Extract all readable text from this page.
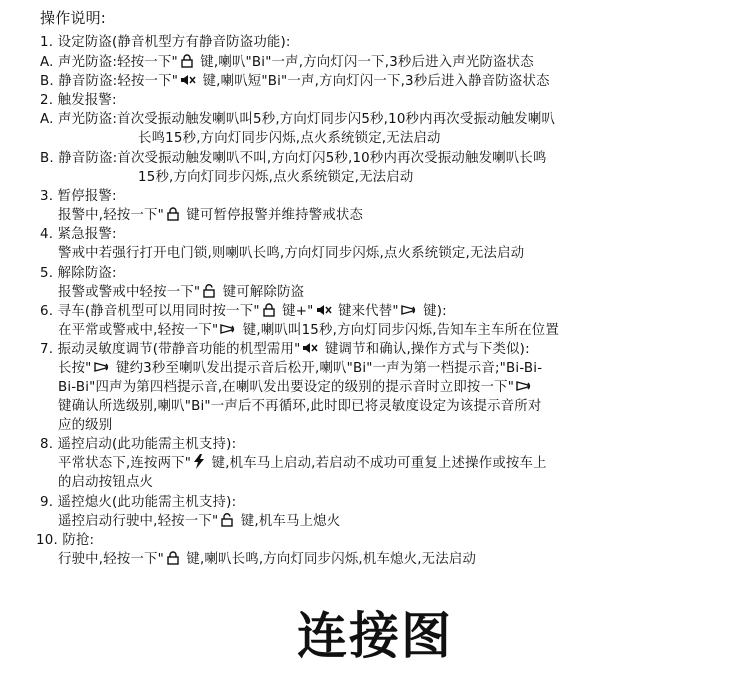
操作说明:
1. 设定防盗(静音机型方有静音防盗功能):
A. 声光防盗:轻按一下"
键,喇叭"Bi"一声,方向灯闪一下,3秒后进入声光防盗状态
B. 静音防盗:轻按一下"
键,喇叭短"Bi"一声,方向灯闪一下,3秒后进入静音防盗状态
2. 触发报警:
A. 声光防盗:首次受振动触发喇叭叫5秒,方向灯同步闪5秒,10秒内再次受振动触发喇叭
长鸣15秒,方向灯同步闪烁,点火系统锁定,无法启动
B. 静音防盗:首次受振动触发喇叭不叫,方向灯闪5秒,10秒内再次受振动触发喇叭长鸣
15秒,方向灯同步闪烁,点火系统锁定,无法启动
3. 暂停报警:
报警中,轻按一下"
键可暂停报警并维持警戒状态
4. 紧急报警:
警戒中若强行打开电门锁,则喇叭长鸣,方向灯同步闪烁,点火系统锁定,无法启动
5. 解除防盗:
报警或警戒中轻按一下"
键可解除防盗
6. 寻车(静音机型可以用同时按一下"
键+"
键来代替"
键):
在平常或警戒中,轻按一下"
键,喇叭叫15秒,方向灯同步闪烁,告知车主车所在位置
7. 振动灵敏度调节(带静音功能的机型需用"
键调节和确认,操作方式与下类似):
长按"
键约3秒至喇叭发出提示音后松开,喇叭"Bi"一声为第一档提示音;"Bi-Bi-
Bi-Bi"四声为第四档提示音,在喇叭发出要设定的级别的提示音时立即按一下"
键确认所选级别,喇叭"Bi"一声后不再循环,此时即已将灵敏度设定为该提示音所对
应的级别
8. 遥控启动(此功能需主机支持):
平常状态下,连按两下"
键,机车马上启动,若启动不成功可重复上述操作或按车上
的启动按钮点火
9. 遥控熄火(此功能需主机支持):
遥控启动行驶中,轻按一下"
键,机车马上熄火
10. 防抢:
行驶中,轻按一下"
键,喇叭长鸣,方向灯同步闪烁,机车熄火,无法启动
连接图
